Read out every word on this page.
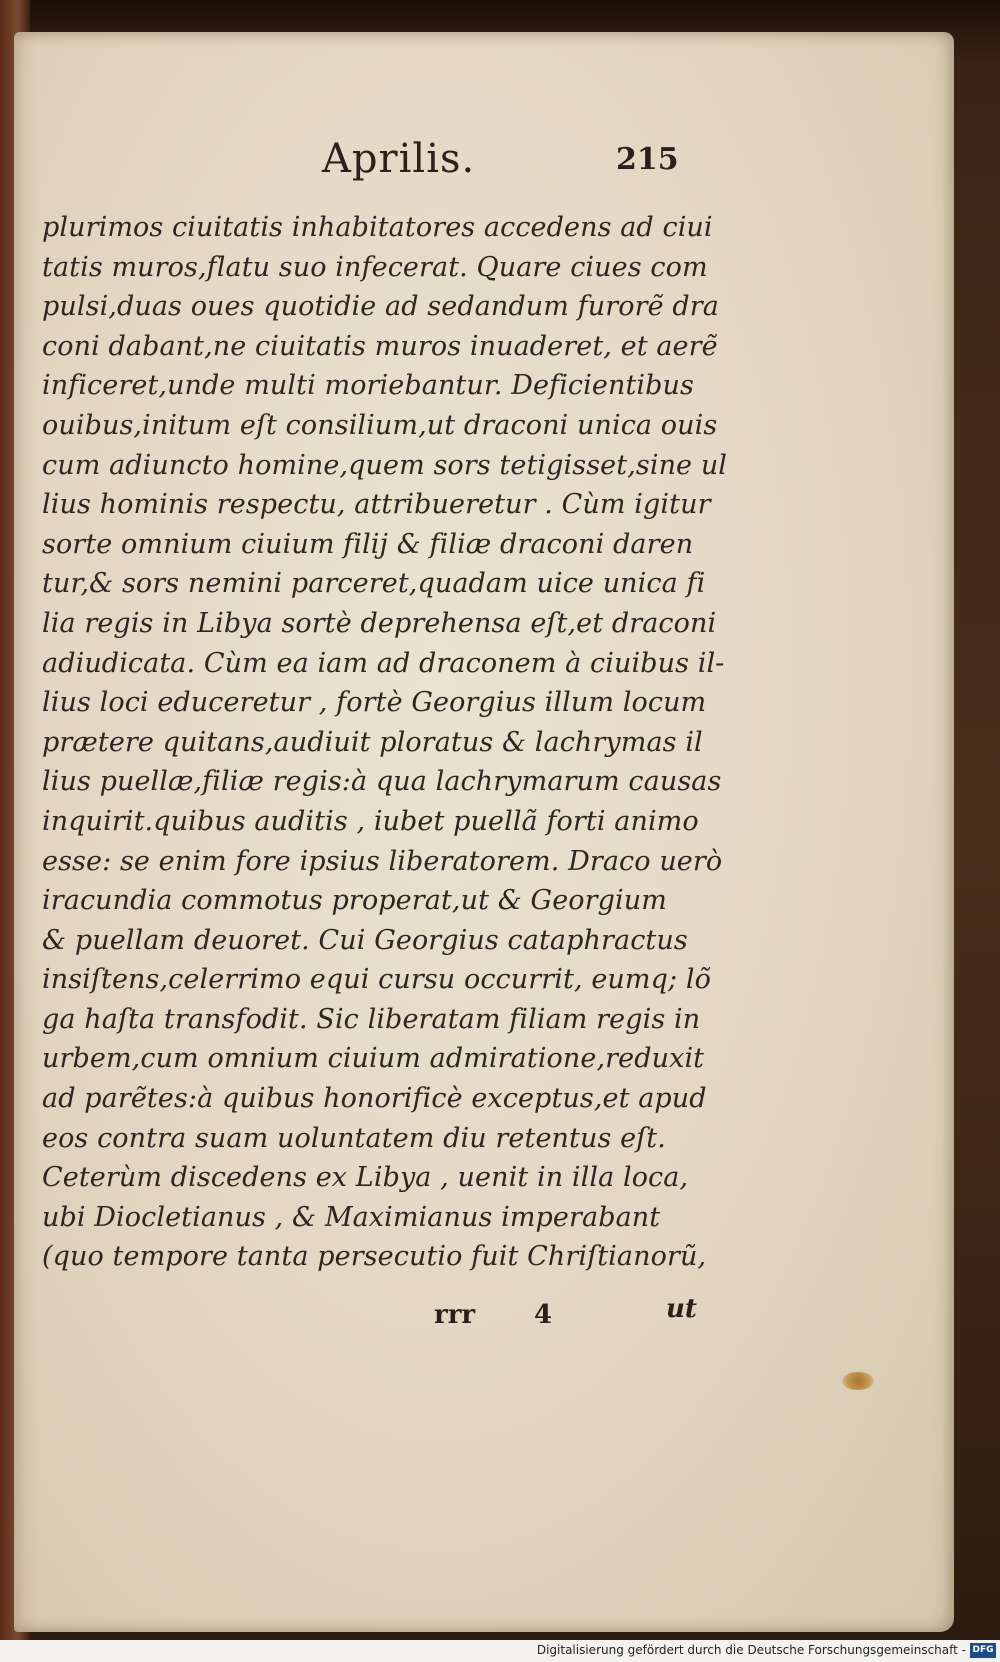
Aprilis.	215
plurimos ciuitatis inhabitatores accedens ad ciui
tatis muros,flatu suo infecerat. Quare ciues com
pulsi,duas oues quotidie ad sedandum furorẽ dra
coni dabant,ne ciuitatis muros inuaderet, et aerẽ
inficeret,unde multi moriebantur. Deficientibus
ouibus,initum eſt consilium,ut draconi unica ouis
cum adiuncto homine,quem sors tetigisset,sine ul
lius hominis respectu, attribueretur . Cùm igitur
sorte omnium ciuium filij & filiæ draconi daren
tur,& sors nemini parceret,quadam uice unica fi
lia regis in Libya sortè deprehensa eſt,et draconi
adiudicata. Cùm ea iam ad draconem à ciuibus il-
lius loci educeretur , fortè Georgius illum locum
prætere quitans,audiuit ploratus & lachrymas il
lius puellæ,filiæ regis:à qua lachrymarum causas
inquirit.quibus auditis , iubet puellã forti animo
esse: se enim fore ipsius liberatorem. Draco uerò
iracundia commotus properat,ut & Georgium
& puellam deuoret. Cui Georgius cataphractus
insiſtens,celerrimo equi cursu occurrit, eumq; lõ
ga haſta transfodit. Sic liberatam filiam regis in
urbem,cum omnium ciuium admiratione,reduxit
ad parẽtes:à quibus honorificè exceptus,et apud
eos contra suam uoluntatem diu retentus eſt.
Ceterùm discedens ex Libya , uenit in illa loca,
ubi Diocletianus , & Maximianus imperabant
(quo tempore tanta persecutio fuit Chriſtianorũ,
rrr 4	ut
Digitalisierung gefördert durch die Deutsche Forschungsgemeinschaft - DFG
